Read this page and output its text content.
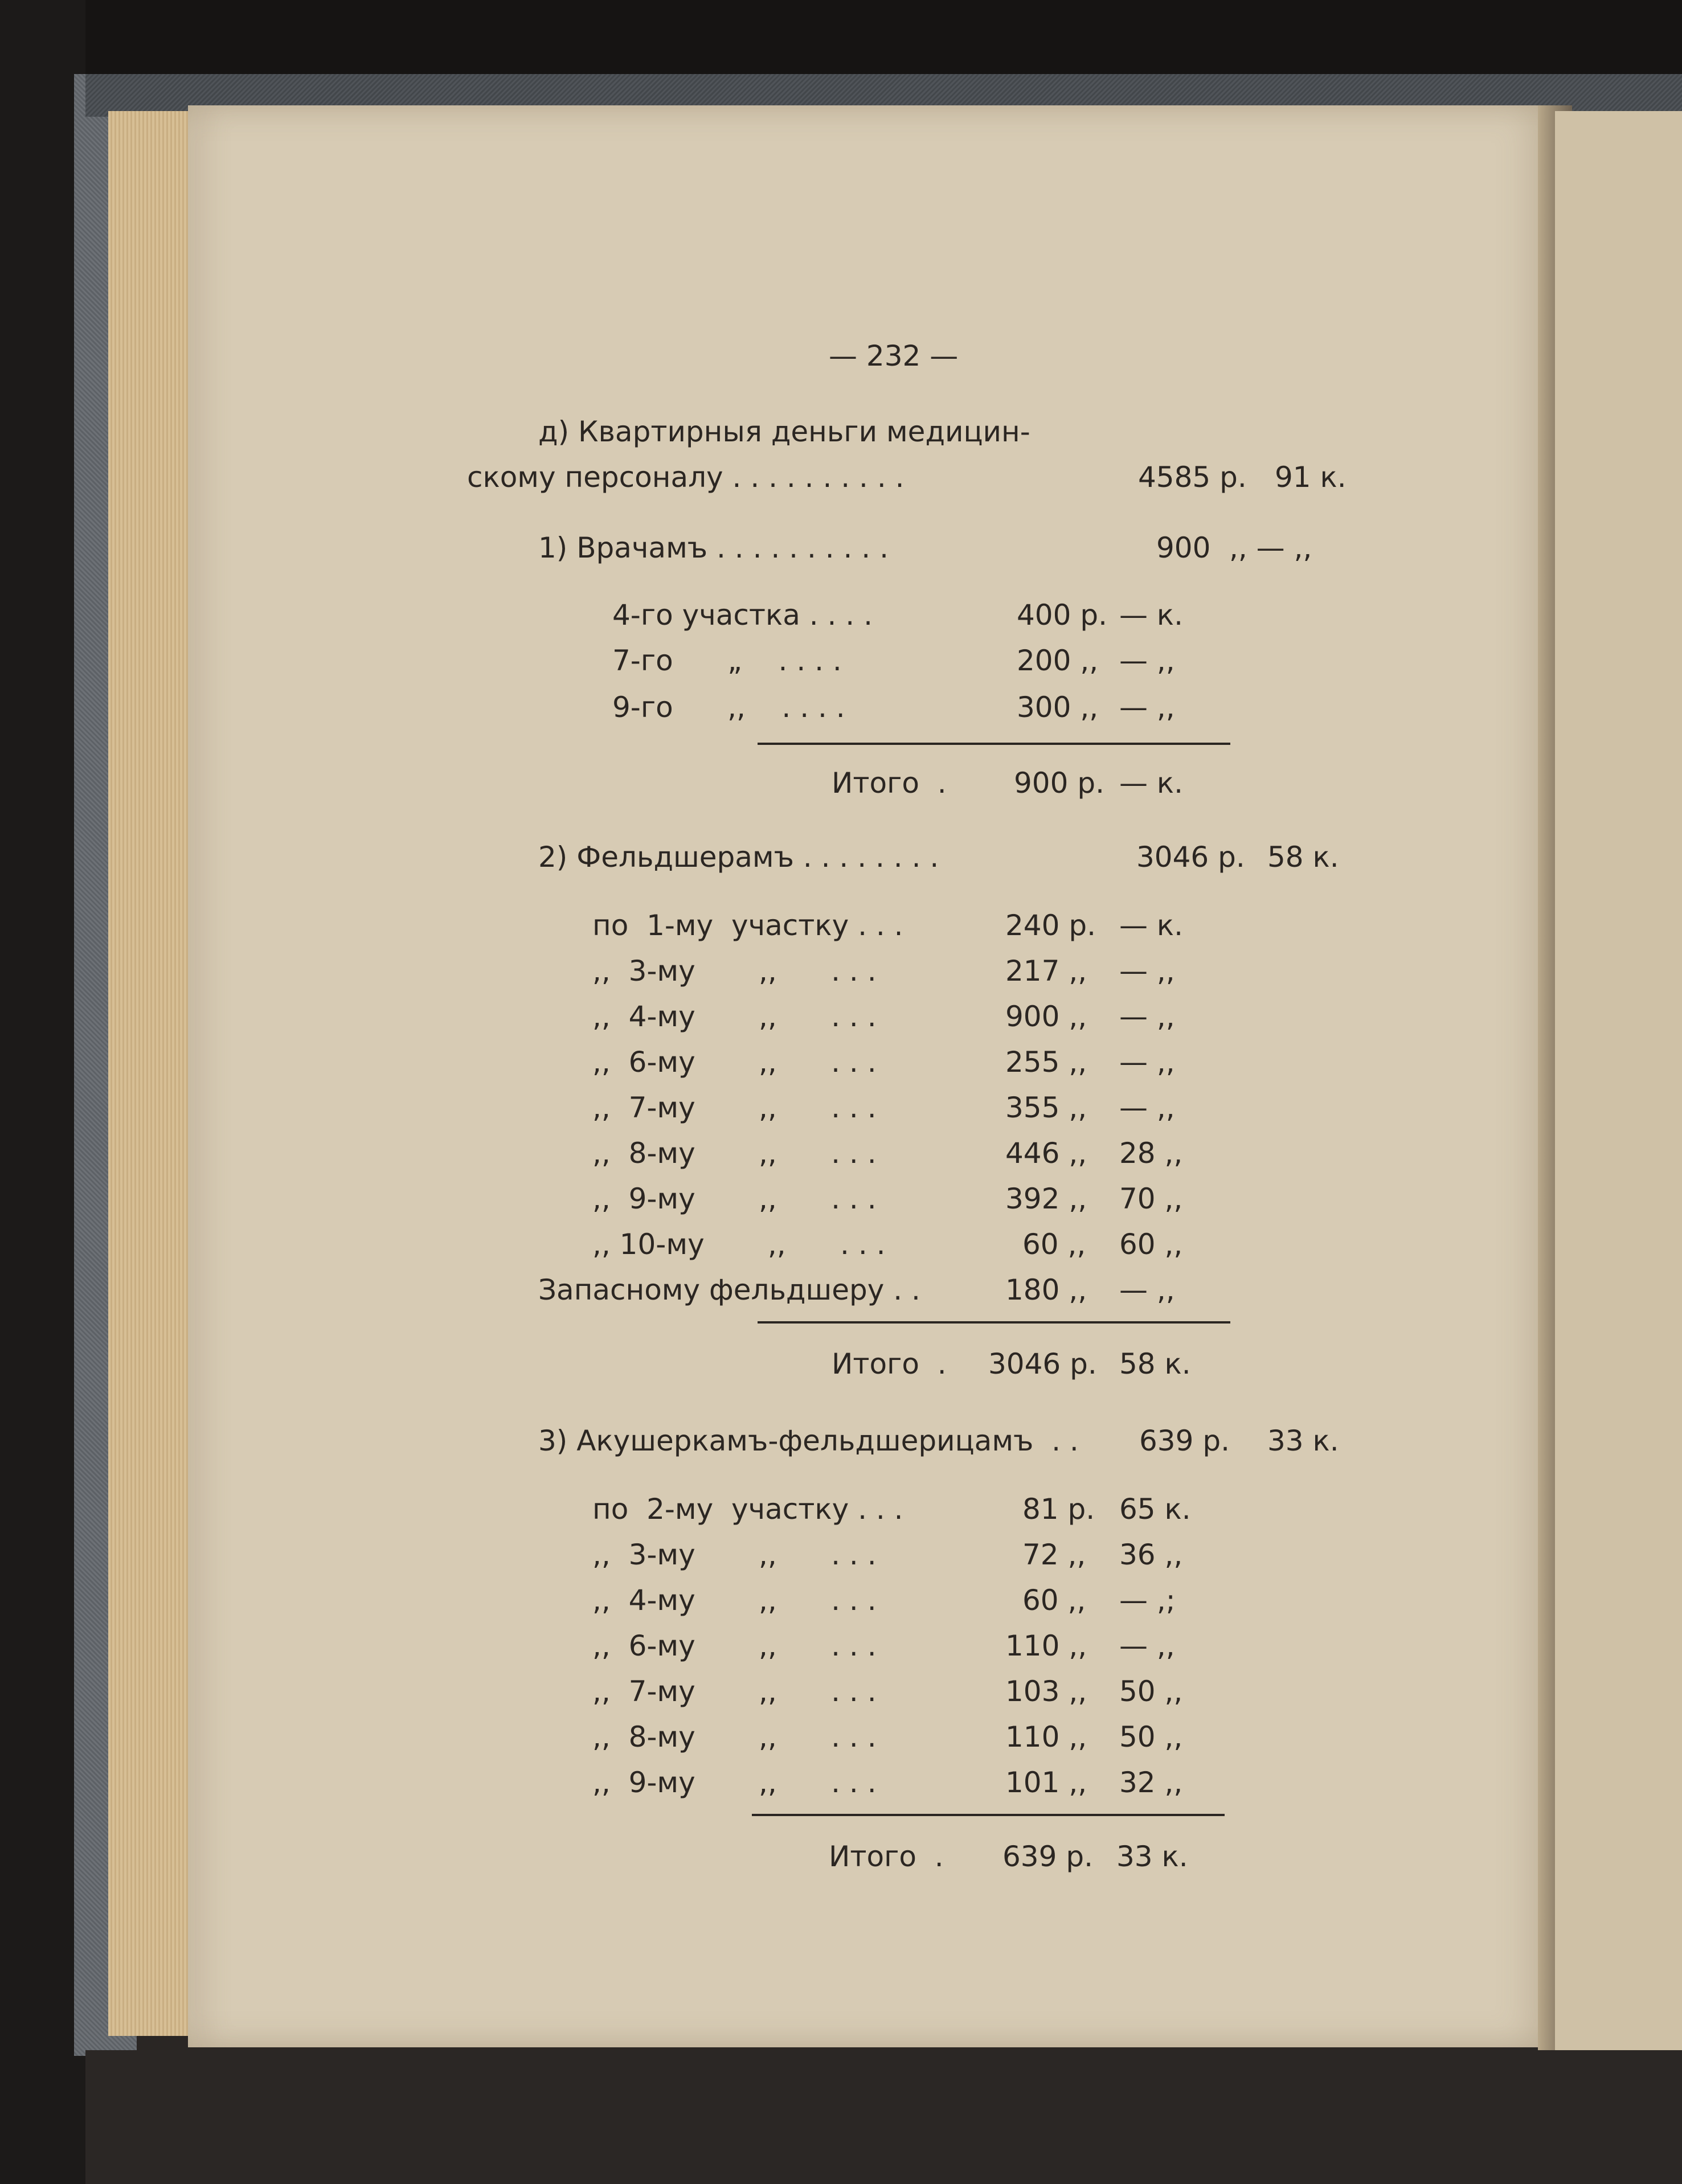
— 232 —
д) Квартирныя деньги медицин-
скому персоналу . . . . . . . . . .	4585 р. 91 к.
1) Врачамъ . . . . . . . . . .	900 ,, — ,,
4-го участка . . . .	400 р. — к.
7-го      „    . . . .	200 ,, — ,,
9-го      ,,    . . . .	300 ,, — ,,
Итого  . 900 р. — к.
2) Фельдшерамъ . . . . . . . .	3046 р. 58 к.
по  1-му  участку . . .	240 р. — к.
,,  3-му       ,,      . . .	217 ,, — ,,
,,  4-му       ,,      . . .	900 ,, — ,,
,,  6-му       ,,      . . .	255 ,, — ,,
,,  7-му       ,,      . . .	355 ,, — ,,
,,  8-му       ,,      . . .	446 ,, 28 ,,
,,  9-му       ,,      . . .	392 ,, 70 ,,
,, 10-му       ,,      . . .	60 ,, 60 ,,
Запасному фельдшеру . .	180 ,, — ,,
Итого  . 3046 р. 58 к.
3) Акушеркамъ-фельдшерицамъ  . . 639 р. 33 к.
по  2-му  участку . . .	81 р. 65 к.
,,  3-му       ,,      . . .	72 ,, 36 ,,
,,  4-му       ,,      . . .	60 ,, — ,;
,,  6-му       ,,      . . .	110 ,, — ,,
,,  7-му       ,,      . . .	103 ,, 50 ,,
,,  8-му       ,,      . . .	110 ,, 50 ,,
,,  9-му       ,,      . . .	101 ,, 32 ,,
Итого  . 639 р. 33 к.
